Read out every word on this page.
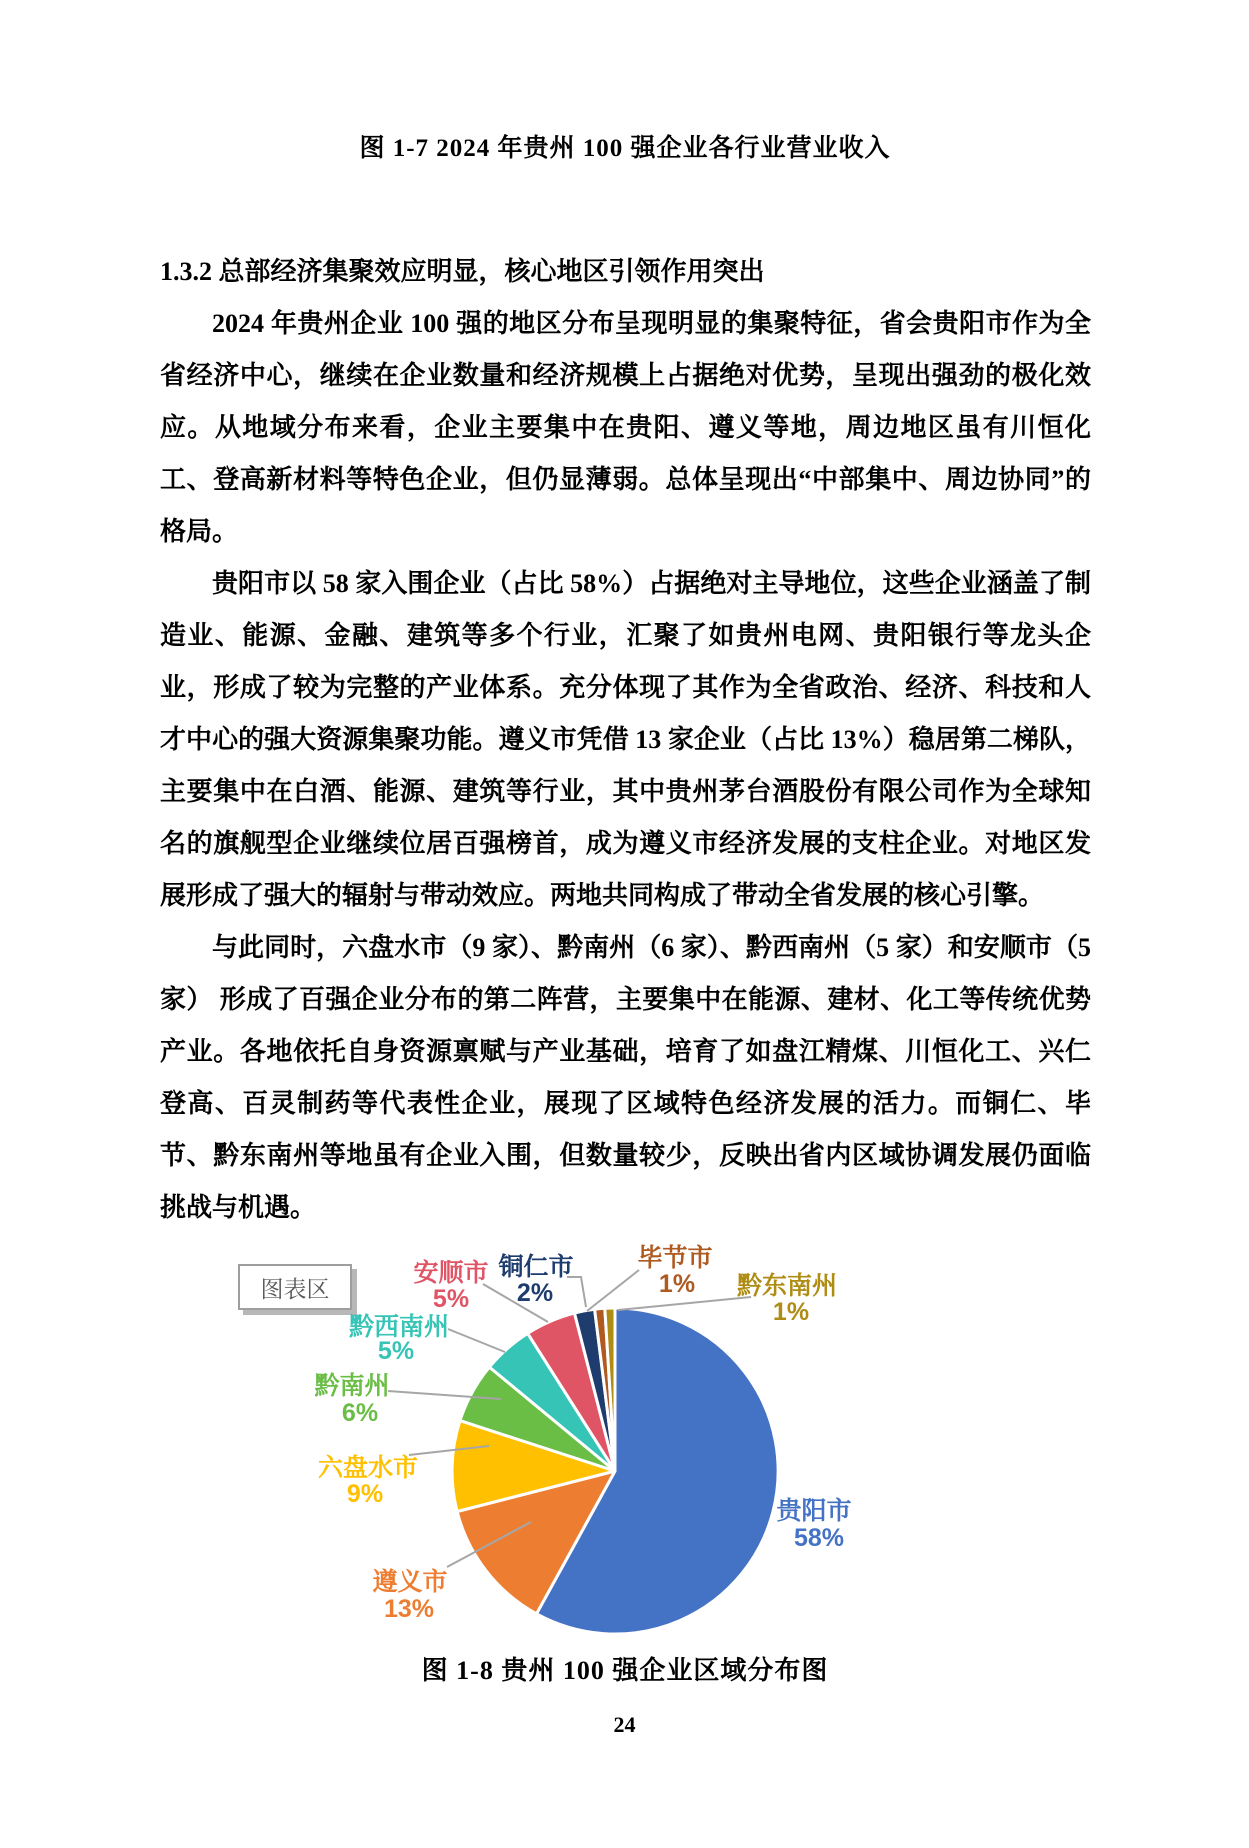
图 1-7 2024 年贵州 100 强企业各行业营业收入
1.3.2 总部经济集聚效应明显，核心地区引领作用突出

2024 年贵州企业 100 强的地区分布呈现明显的集聚特征，省会贵阳市作为全省经济中心，继续在企业数量和经济规模上占据绝对优势，呈现出强劲的极化效应。从地域分布来看，企业主要集中在贵阳、遵义等地，周边地区虽有川恒化工、登高新材料等特色企业，但仍显薄弱。总体呈现出“中部集中、周边协同”的格局。

贵阳市以 58 家入围企业（占比 58%）占据绝对主导地位，这些企业涵盖了制造业、能源、金融、建筑等多个行业，汇聚了如贵州电网、贵阳银行等龙头企业，形成了较为完整的产业体系。充分体现了其作为全省政治、经济、科技和人才中心的强大资源集聚功能。遵义市凭借 13 家企业（占比 13%）稳居第二梯队，主要集中在白酒、能源、建筑等行业，其中贵州茅台酒股份有限公司作为全球知名的旗舰型企业继续位居百强榜首，成为遵义市经济发展的支柱企业。对地区发展形成了强大的辐射与带动效应。两地共同构成了带动全省发展的核心引擎。

与此同时，六盘水市（9 家）、黔南州（6 家）、黔西南州（5 家）和安顺市（5 家） 形成了百强企业分布的第二阵营，主要集中在能源、建材、化工等传统优势产业。各地依托自身资源禀赋与产业基础，培育了如盘江精煤、川恒化工、兴仁登高、百灵制药等代表性企业，展现了区域特色经济发展的活力。而铜仁、毕节、黔东南州等地虽有企业入围，但数量较少，反映出省内区域协调发展仍面临挑战与机遇。

贵阳市
58%
遵义市
13%
六盘水市
9%
黔南州
6%
黔西南州
5%
安顺市
5%
铜仁市
2%
毕节市
1% 黔东南州
1%
图表区
图 1-8 贵州 100 强企业区域分布图
24
